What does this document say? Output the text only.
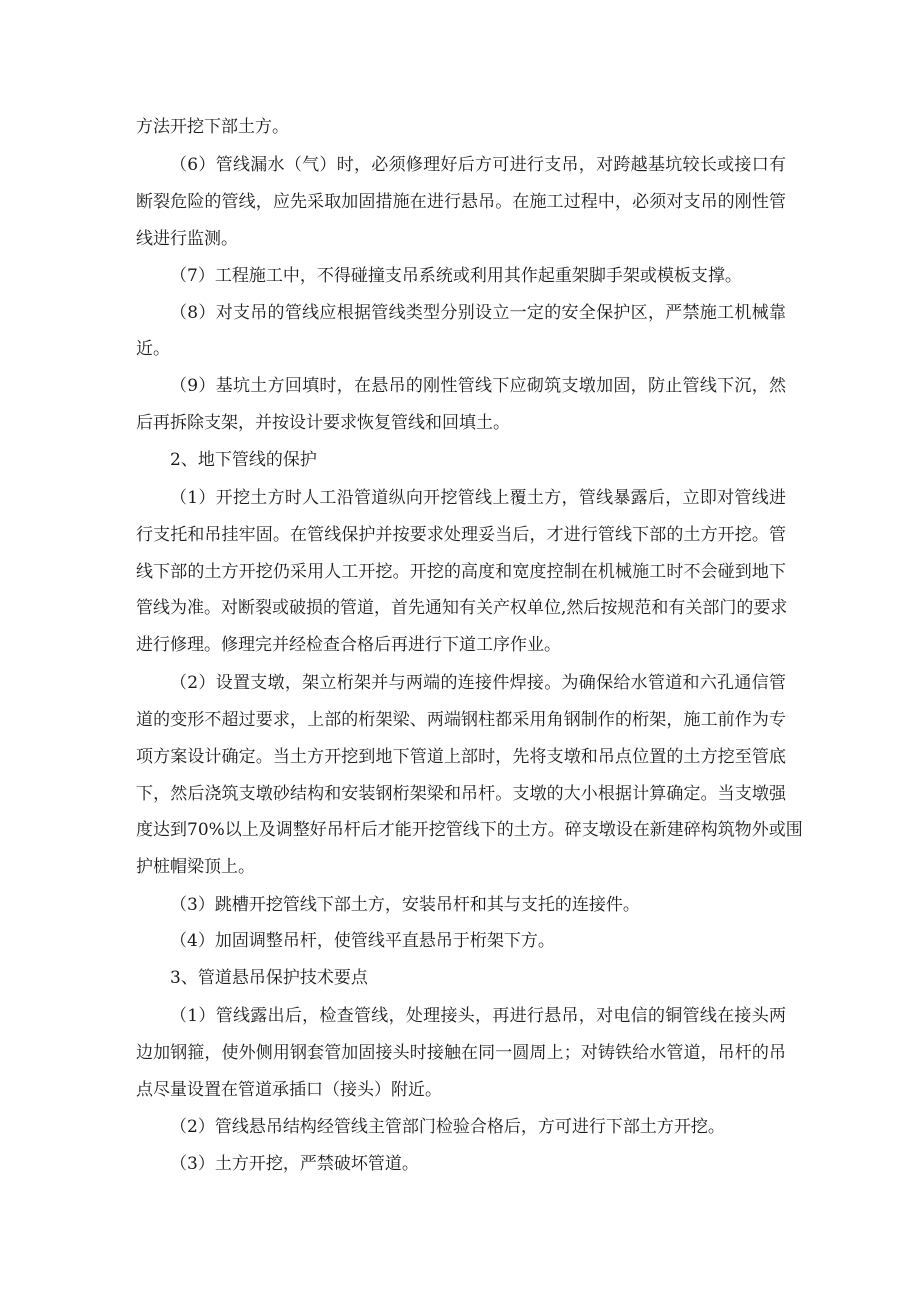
方法开挖下部土方。

（6）管线漏水（气）时，必须修理好后方可进行支吊，对跨越基坑较长或接口有

断裂危险的管线，应先采取加固措施在进行悬吊。在施工过程中，必须对支吊的刚性管

线进行监测。

（7）工程施工中，不得碰撞支吊系统或利用其作起重架脚手架或模板支撑。

（8）对支吊的管线应根据管线类型分别设立一定的安全保护区，严禁施工机械靠

近。

（9）基坑土方回填时，在悬吊的刚性管线下应砌筑支墩加固，防止管线下沉，然

后再拆除支架，并按设计要求恢复管线和回填土。

2、地下管线的保护

（1）开挖土方时人工沿管道纵向开挖管线上覆土方，管线暴露后，立即对管线进

行支托和吊挂牢固。在管线保护并按要求处理妥当后，才进行管线下部的土方开挖。管

线下部的土方开挖仍采用人工开挖。开挖的高度和宽度控制在机械施工时不会碰到地下

管线为准。对断裂或破损的管道，首先通知有关产权单位,然后按规范和有关部门的要求

进行修理。修理完并经检查合格后再进行下道工序作业。

（2）设置支墩，架立桁架并与两端的连接件焊接。为确保给水管道和六孔通信管

道的变形不超过要求，上部的桁架梁、两端钢柱都采用角钢制作的桁架，施工前作为专

项方案设计确定。当土方开挖到地下管道上部时，先将支墩和吊点位置的土方挖至管底

下，然后浇筑支墩砂结构和安装钢桁架梁和吊杆。支墩的大小根据计算确定。当支墩强

度达到70%以上及调整好吊杆后才能开挖管线下的土方。碎支墩设在新建碎构筑物外或围

护桩帽梁顶上。

（3）跳槽开挖管线下部土方，安装吊杆和其与支托的连接件。

（4）加固调整吊杆，使管线平直悬吊于桁架下方。

3、管道悬吊保护技术要点

（1）管线露出后，检查管线，处理接头，再进行悬吊，对电信的铜管线在接头两

边加钢箍，使外侧用钢套管加固接头时接触在同一圆周上；对铸铁给水管道，吊杆的吊

点尽量设置在管道承插口（接头）附近。

（2）管线悬吊结构经管线主管部门检验合格后，方可进行下部土方开挖。

（3）土方开挖，严禁破坏管道。
